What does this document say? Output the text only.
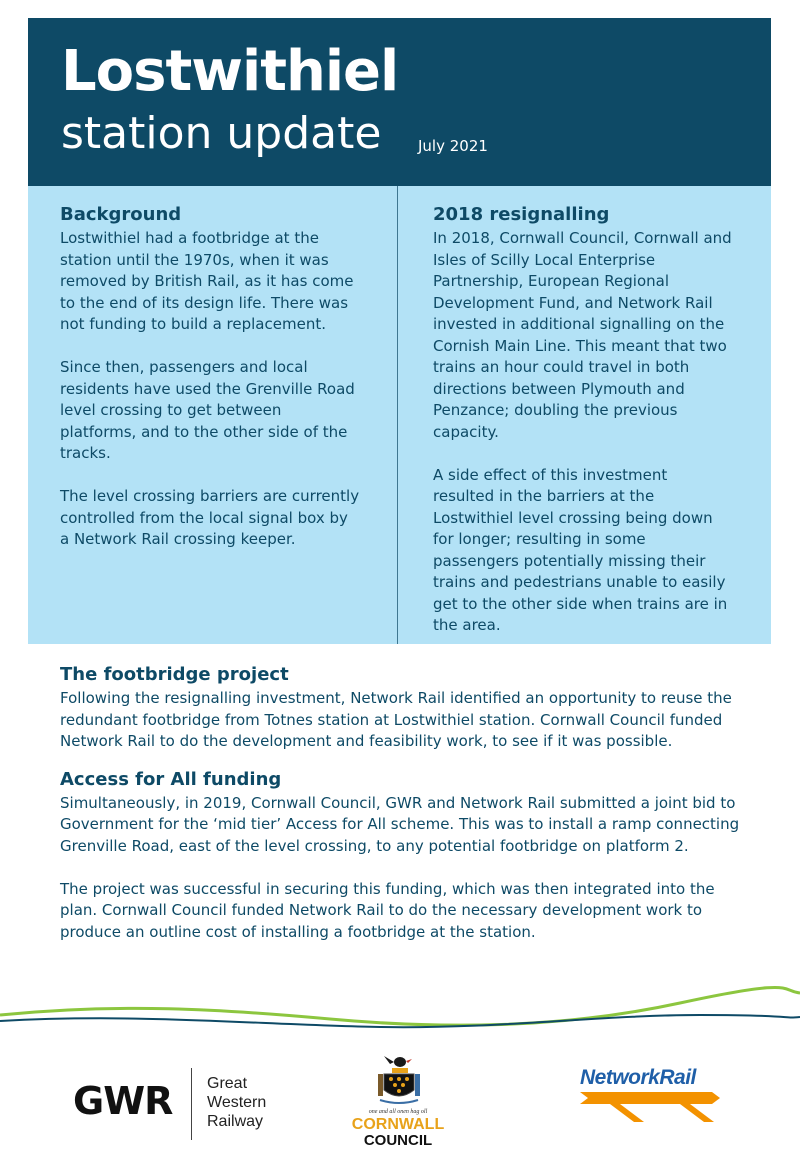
Lostwithiel
station update July 2021
Background

Lostwithiel had a footbridge at the station until the 1970s, when it was removed by British Rail, as it has come to the end of its design life. There was not funding to build a replacement.

Since then, passengers and local residents have used the Grenville Road level crossing to get between platforms, and to the other side of the tracks.

The level crossing barriers are currently controlled from the local signal box by a Network Rail crossing keeper.

2018 resignalling

In 2018, Cornwall Council, Cornwall and Isles of Scilly Local Enterprise Partnership, European Regional Development Fund, and Network Rail invested in additional signalling on the Cornish Main Line. This meant that two trains an hour could travel in both directions between Plymouth and Penzance; doubling the previous capacity.

A side effect of this investment resulted in the barriers at the Lostwithiel level crossing being down for longer; resulting in some passengers potentially missing their trains and pedestrians unable to easily get to the other side when trains are in the area.

The footbridge project

Following the resignalling investment, Network Rail identified an opportunity to reuse the redundant footbridge from Totnes station at Lostwithiel station. Cornwall Council funded Network Rail to do the development and feasibility work, to see if it was possible.

Access for All funding

Simultaneously, in 2019, Cornwall Council, GWR and Network Rail submitted a joint bid to Government for the ‘mid tier’ Access for All scheme. This was to install a ramp connecting Grenville Road, east of the level crossing, to any potential footbridge on platform 2.

The project was successful in securing this funding, which was then integrated into the plan. Cornwall Council funded Network Rail to do the necessary development work to produce an outline cost of installing a footbridge at the station.

GWR Great
Western
Railway
one and all onen hag oll
CORNWALL
COUNCIL
NetworkRail
